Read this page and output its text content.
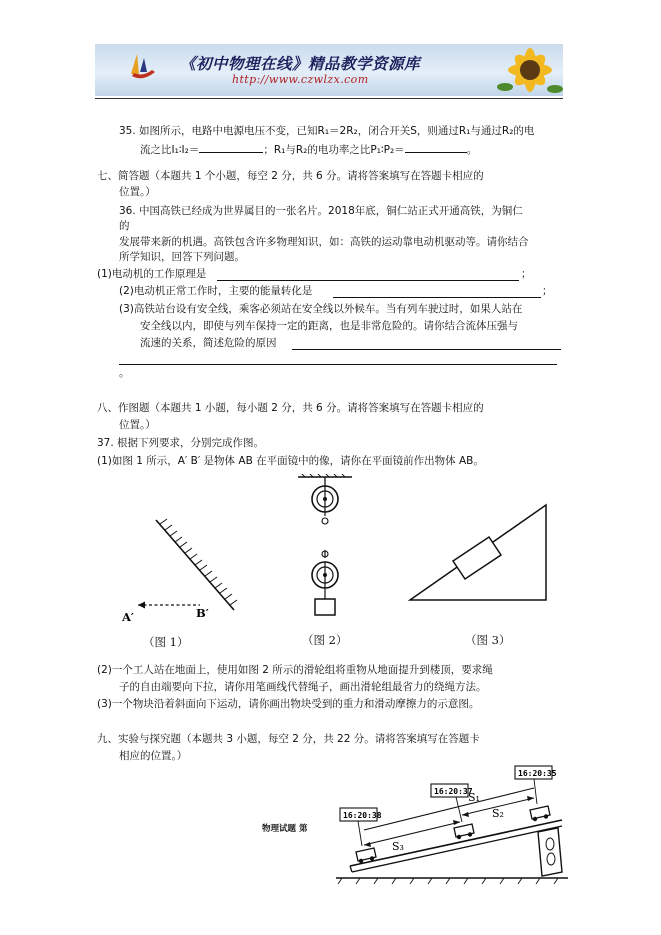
《初中物理在线》精品教学资源库
http://www.czwlzx.com
35. 如图所示，电路中电源电压不变，已知R₁＝2R₂，闭合开关S，则通过R₁与通过R₂的电
流之比I₁∶I₂＝	；R₁与R₂的电功率之比P₁∶P₂＝	。
七、简答题（本题共 1 个小题，每空 2 分，共 6 分。请将答案填写在答题卡相应的
位置。）
36. 中国高铁已经成为世界属目的一张名片。2018年底，铜仁站正式开通高铁，为铜仁
的
发展带来新的机遇。高铁包含许多物理知识，如：高铁的运动靠电动机驱动等。请你结合
所学知识，回答下列问题。
(1)电动机的工作原理是	；
(2)电动机正常工作时，主要的能量转化是	；
(3)高铁站台设有安全线，乘客必须站在安全线以外候车。当有列车驶过时，如果人站在
安全线以内，即使与列车保持一定的距离，也是非常危险的。请你结合流体压强与
流速的关系，简述危险的原因
。
八、作图题（本题共 1 小题，每小题 2 分，共 6 分。请将答案填写在答题卡相应的
位置。）
37. 根据下列要求，分别完成作图。
(1)如图 1 所示，A′ B′ 是物体 AB 在平面镜中的像，请你在平面镜前作出物体 AB。
A′	B′
（图 1）	（图 2）	（图 3）
(2)一个工人站在地面上，使用如图 2 所示的滑轮组将重物从地面提升到楼顶，要求绳
子的自由端要向下拉，请你用笔画线代替绳子，画出滑轮组最省力的绕绳方法。
(3)一个物块沿着斜面向下运动，请你画出物块受到的重力和滑动摩擦力的示意图。
九、实验与探究题（本题共 3 小题，每空 2 分，共 22 分。请将答案填写在答题卡
相应的位置。）
16:20:38
16:20:37
16:20:35
S₂
S₁
S₃
物理试题 第
